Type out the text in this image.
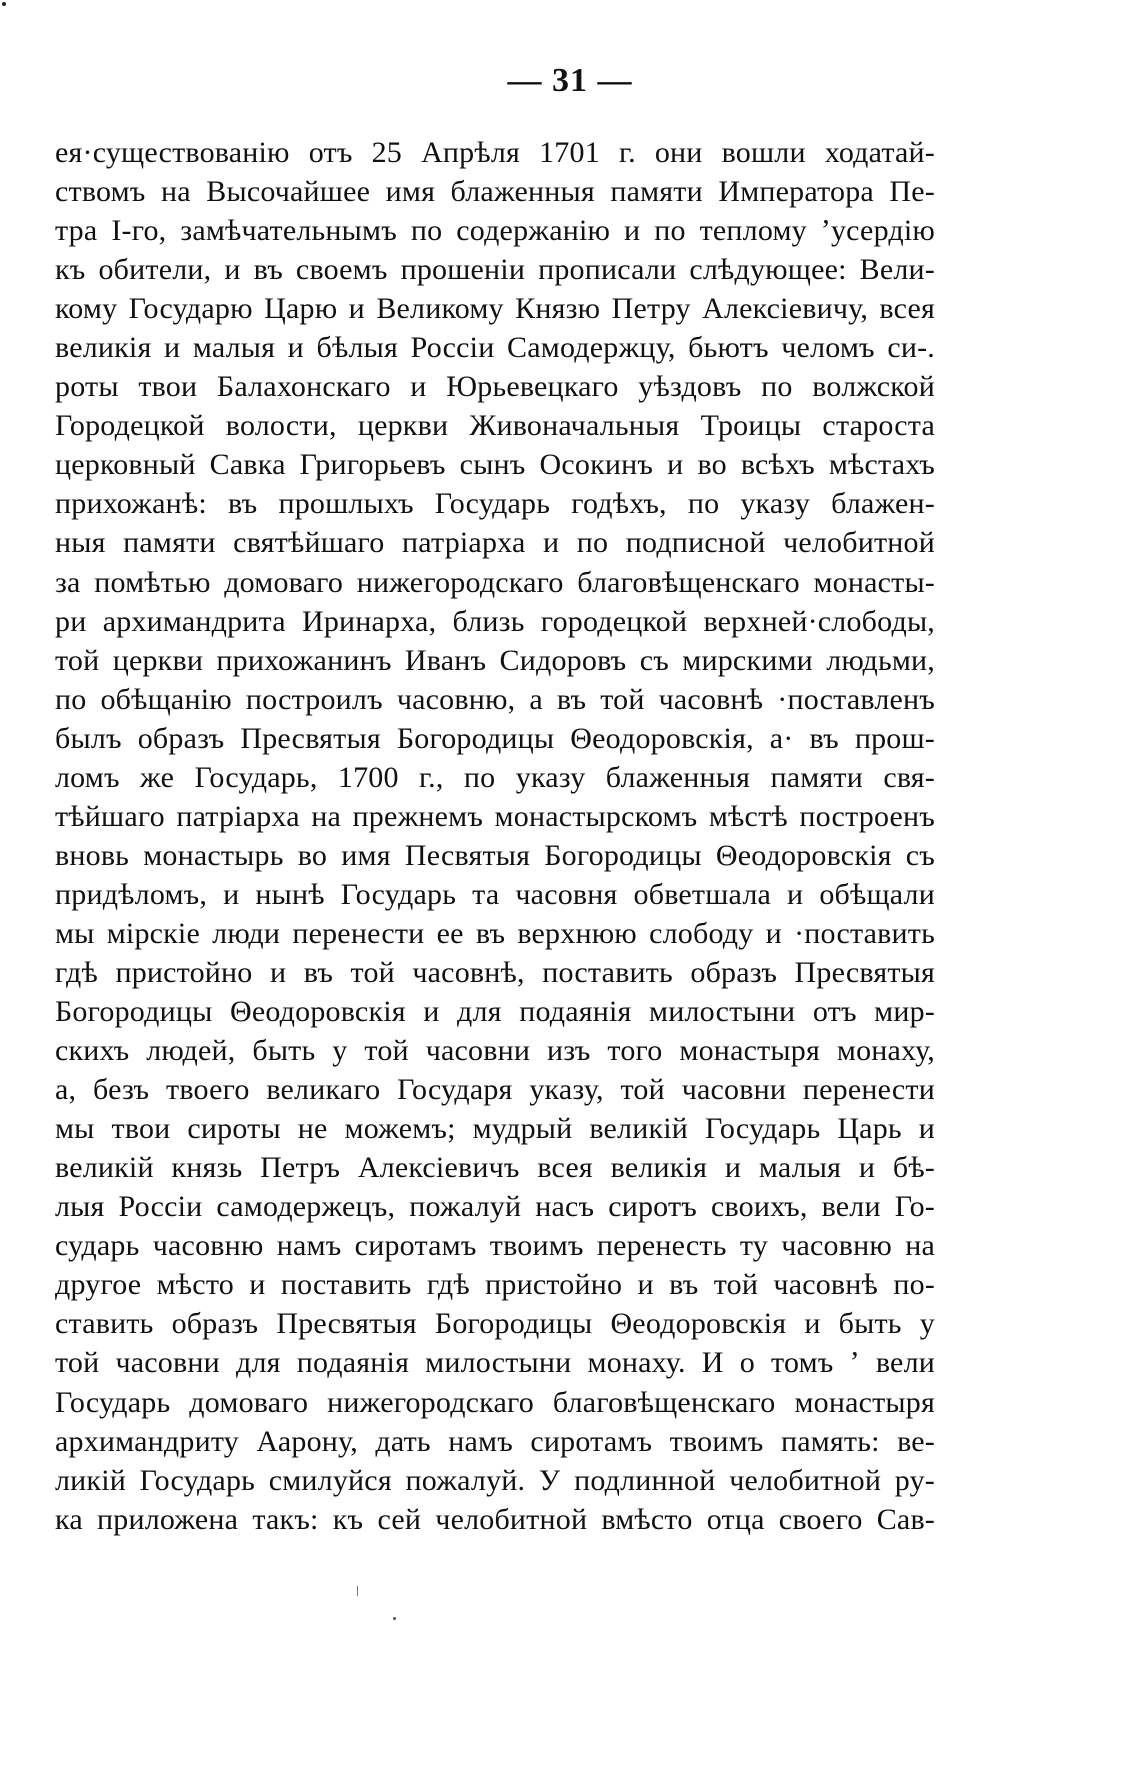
— 31 —
ея·существованію отъ 25 Апрѣля 1701 г. они вошли ходатай-
ствомъ на Высочайшее имя блаженныя памяти Императора Пе-
тра I-го, замѣчательнымъ по содержанію и по теплому ʼусердію
къ обители, и въ своемъ прошеніи прописали слѣдующее: Вели-
кому Государю Царю и Великому Князю Петру Алексіевичу, всея
великія и малыя и бѣлыя Россіи Самодержцу, бьютъ челомъ си-.
роты твои Балахонскаго и Юрьевецкаго уѣздовъ по волжской
Городецкой волости, церкви Живоначальныя Троицы староста
церковный Савка Григорьевъ сынъ Осокинъ и во всѣхъ мѣстахъ
прихожанѣ: въ прошлыхъ Государь годѣхъ, по указу блажен-
ныя памяти святѣйшаго патріарха и по подписной челобитной
за помѣтью домоваго нижегородскаго благовѣщенскаго монасты-
ри архимандрита Иринарха, близь городецкой верхней·слободы,
той церкви прихожанинъ Иванъ Сидоровъ съ мирскими людьми,
по обѣщанію построилъ часовню, а въ той часовнѣ ·поставленъ
былъ образъ Пресвятыя Богородицы Θеодоровскія, а· въ прош-
ломъ же Государь, 1700 г., по указу блаженныя памяти свя-
тѣйшаго патріарха на прежнемъ монастырскомъ мѣстѣ построенъ
вновь монастырь во имя Песвятыя Богородицы Θеодоровскія съ
придѣломъ, и нынѣ Государь та часовня обветшала и обѣщали
мы мірскіе люди перенести ее въ верхнюю слободу и ·поставить
гдѣ пристойно и въ той часовнѣ, поставить образъ Пресвятыя
Богородицы Θеодоровскія и для подаянія милостыни отъ мир-
скихъ людей, быть у той часовни изъ того монастыря монаху,
а, безъ твоего великаго Государя указу, той часовни перенести
мы твои сироты не можемъ; мудрый великій Государь Царь и
великій князь Петръ Алексіевичъ всея великія и малыя и бѣ-
лыя Россіи самодержецъ, пожалуй насъ сиротъ своихъ, вели Го-
сударь часовню намъ сиротамъ твоимъ перенесть ту часовню на
другое мѣсто и поставить гдѣ пристойно и въ той часовнѣ по-
ставить образъ Пресвятыя Богородицы Θеодоровскія и быть у
той часовни для подаянія милостыни монаху. И о томъ ʼ вели
Государь домоваго нижегородскаго благовѣщенскаго монастыря
архимандриту Аарону, дать намъ сиротамъ твоимъ память: ве-
ликій Государь смилуйся пожалуй. У подлинной челобитной ру-
ка приложена такъ: къ сей челобитной вмѣсто отца своего Сав-
